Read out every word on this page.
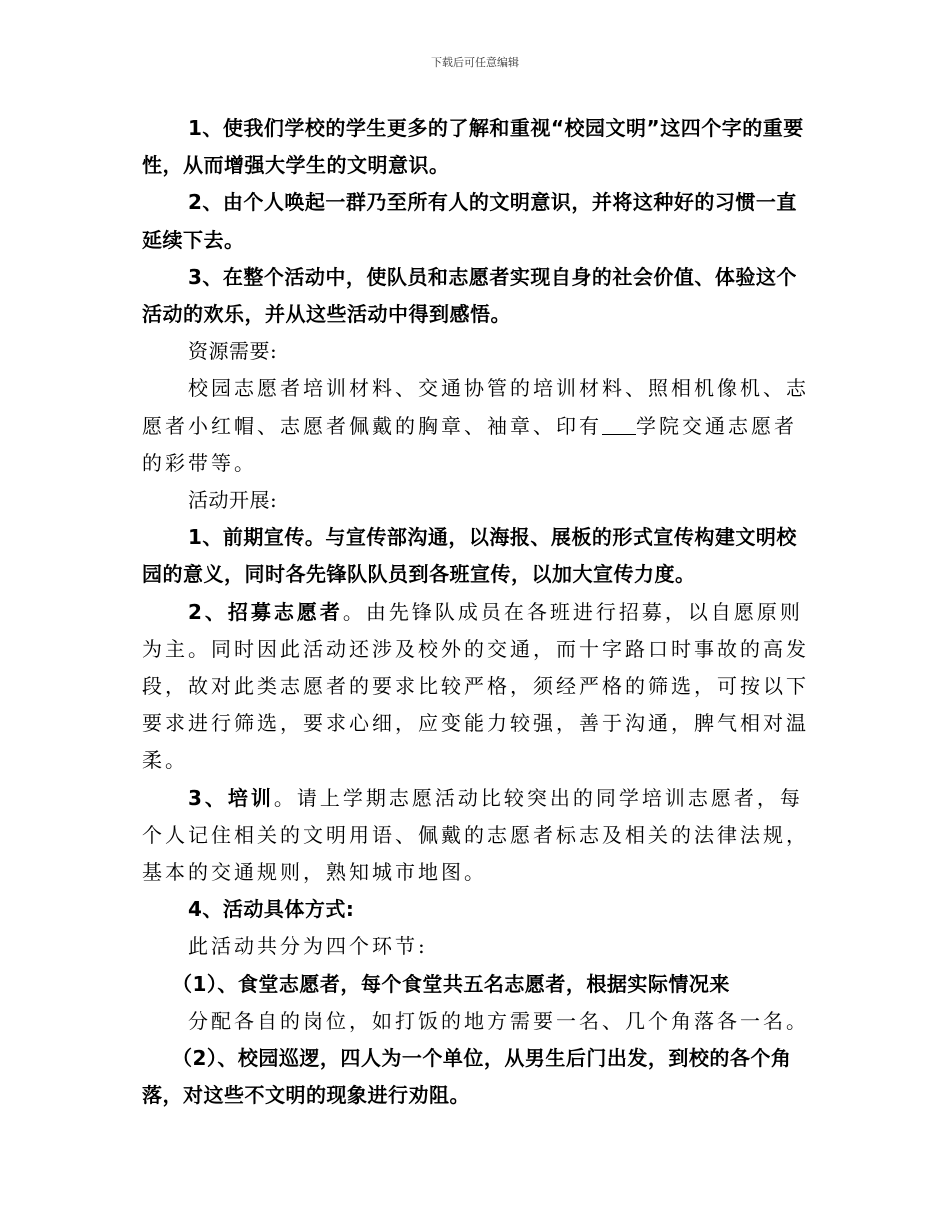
下载后可任意编辑

1、使我们学校的学生更多的了解和重视“校园文明”这四个字的重要性，从而增强大学生的文明意识。

2、由个人唤起一群乃至所有人的文明意识，并将这种好的习惯一直延续下去。

3、在整个活动中，使队员和志愿者实现自身的社会价值、体验这个活动的欢乐，并从这些活动中得到感悟。

资源需要:

校园志愿者培训材料、交通协管的培训材料、照相机像机、志愿者小红帽、志愿者佩戴的胸章、袖章、印有 学院交通志愿者的彩带等。

活动开展:

1、前期宣传。与宣传部沟通，以海报、展板的形式宣传构建文明校园的意义，同时各先锋队队员到各班宣传，以加大宣传力度。

2、招募志愿者。由先锋队成员在各班进行招募，以自愿原则为主。同时因此活动还涉及校外的交通，而十字路口时事故的高发段，故对此类志愿者的要求比较严格，须经严格的筛选，可按以下要求进行筛选，要求心细，应变能力较强，善于沟通，脾气相对温柔。

3、培训。请上学期志愿活动比较突出的同学培训志愿者，每个人记住相关的文明用语、佩戴的志愿者标志及相关的法律法规，基本的交通规则，熟知城市地图。

4、活动具体方式:

此活动共分为四个环节:

（1）、食堂志愿者，每个食堂共五名志愿者，根据实际情况来

分配各自的岗位，如打饭的地方需要一名、几个角落各一名。

（2）、校园巡逻，四人为一个单位，从男生后门出发，到校的各个角落，对这些不文明的现象进行劝阻。
